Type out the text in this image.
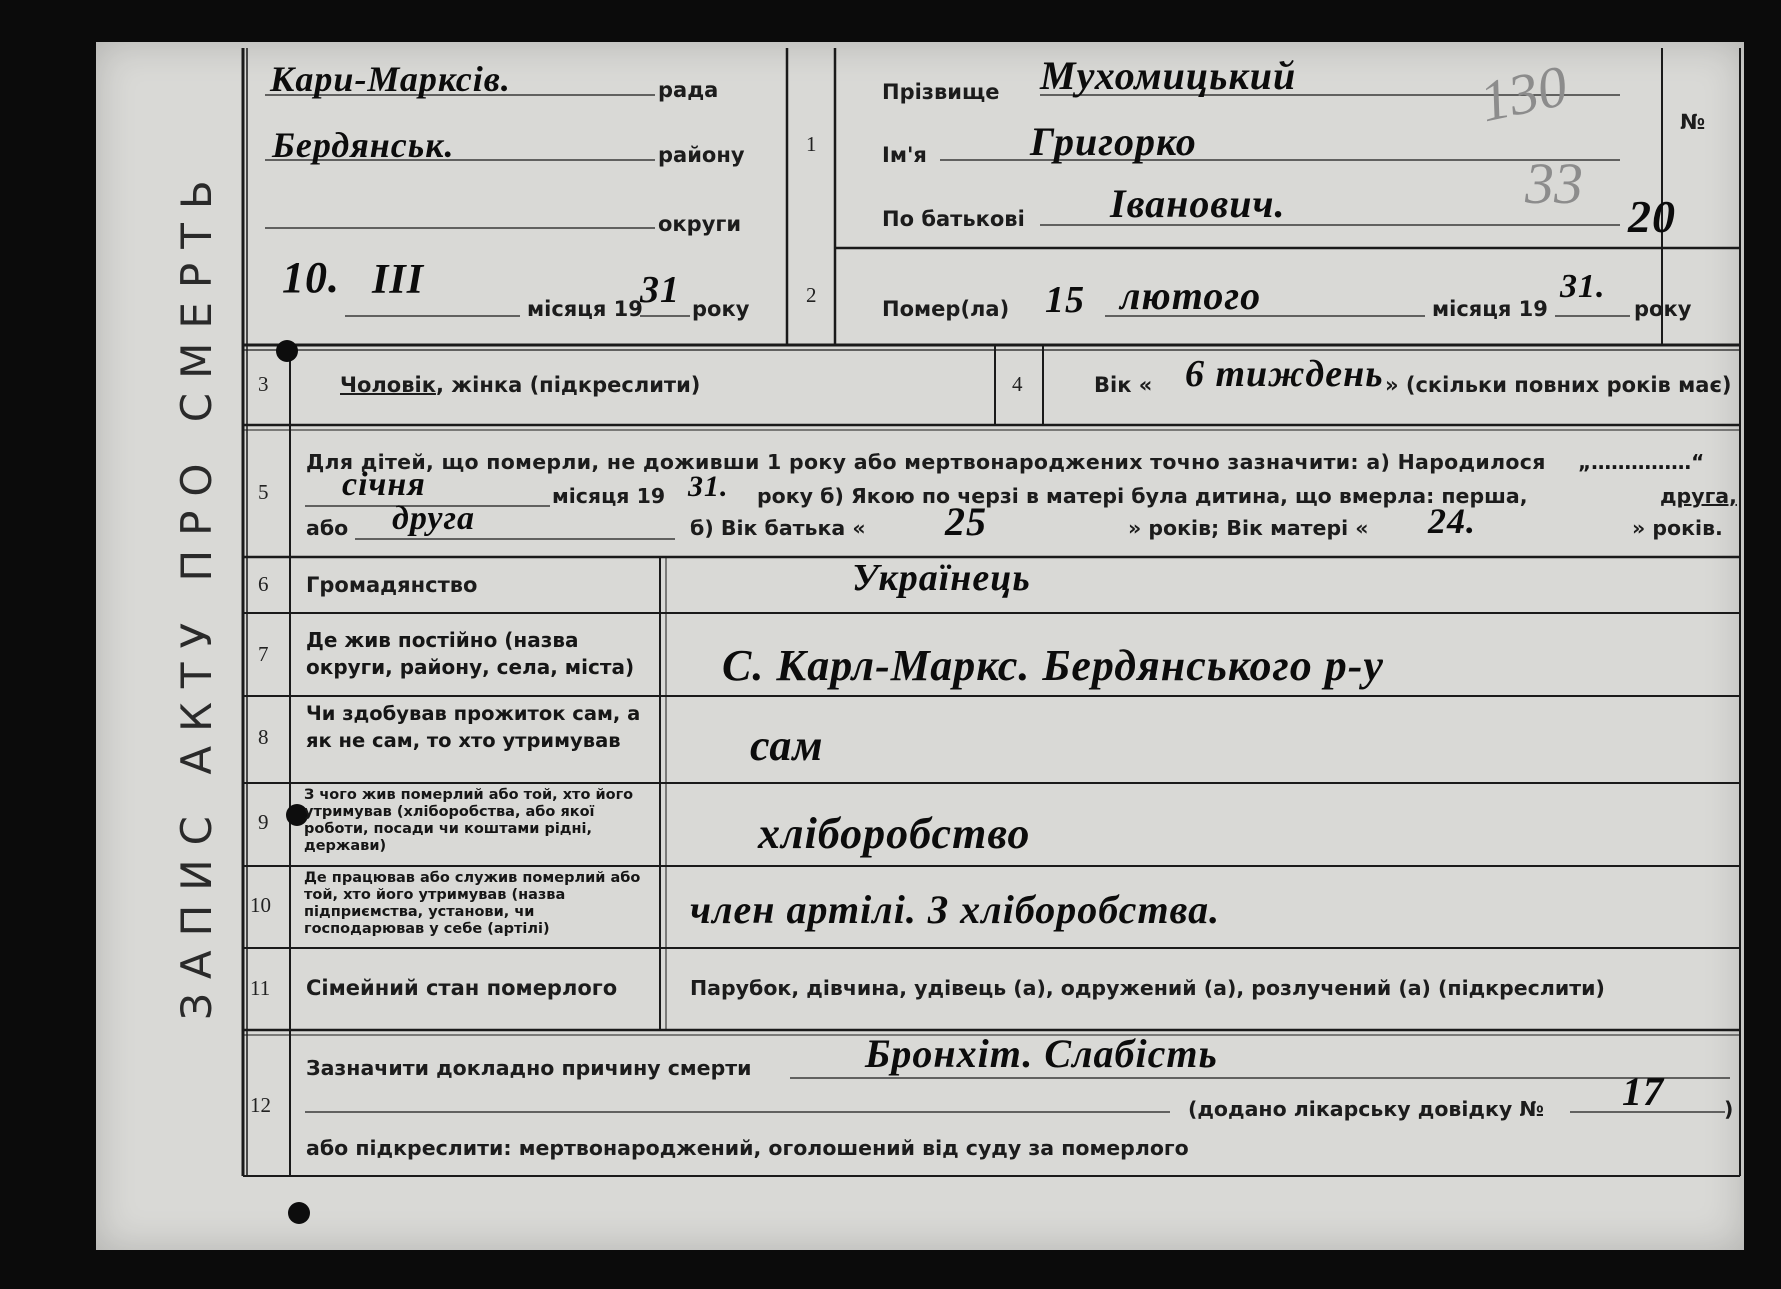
ЗАПИС АКТУ ПРО СМЕРТЬ
Кари-Марксів.	рада
Бердянськ.	району
округи
10. III
місяця 19
31 року
1
Прізвище Мухомицький
Ім'я	Григорко
По батькові Іванович.
№
130
33
20
2
Помер(ла) 15 лютого	місяця 19
31.
року
3	Чоловік, жінка (підкреслити)	4	Вік « 6 тиждень » (скільки повних років має)
5
Для дітей, що померли, не доживши 1 року або мертвонароджених точно зазначити: а) Народилося „……………“
січня	місяця 19 31. року б) Якою по черзі в матері була дитина, що вмерла: перша,	друга,
або друга	б) Вік батька « 25	» років; Вік матері « 24.	» років.
6 Громадянство	Українець
7
Де жив постійно (назва округи, району, села, міста)	С. Карл-Маркс. Бердянського р-у
8
Чи здобував прожиток сам, а як не сам, то хто утримував	сам
9
З чого жив померлий або той, хто його утримував (хліборобства, або якої роботи, посади чи коштами рідні, держави)	хліборобство
10
Де працював або служив померлий або той, хто його утримував (назва підприємства, установи, чи господарював у себе (артілі)	член артілі. З хліборобства.
11 Сімейний стан померлого	Парубок, дівчина, удівець (а), одружений (а), розлучений (а) (підкреслити)
12
Зазначити докладно причину смерти	Бронхіт. Слабість
(додано лікарську довідку № 17	)
або підкреслити: мертвонароджений, оголошений від суду за померлого
